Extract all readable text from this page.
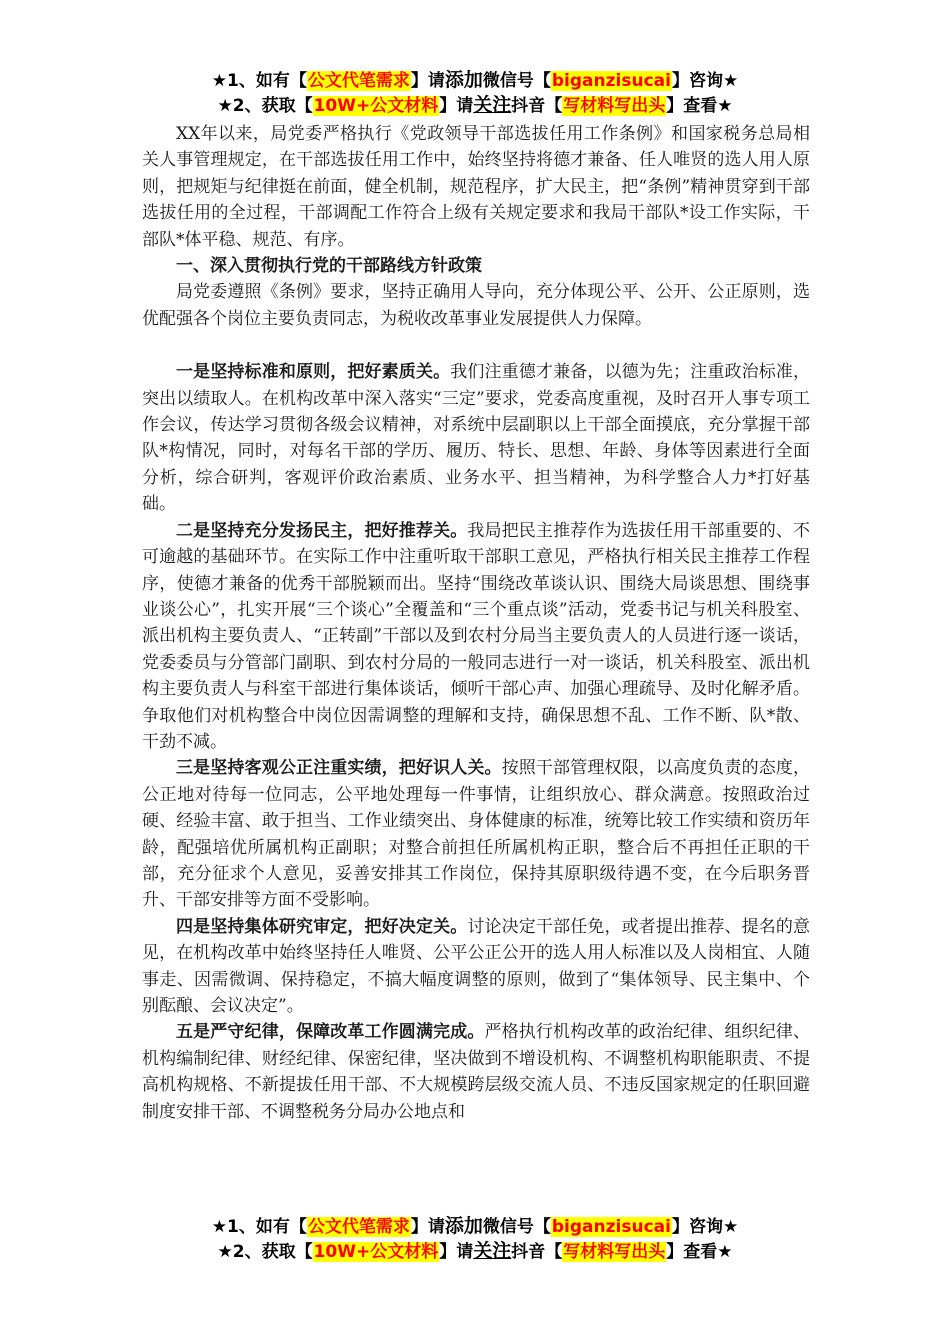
★1、如有【公文代笔需求】请添加微信号【biganzisucai】咨询★
★2、获取【10W+公文材料】请关注抖音【写材料写出头】查看★

XX年以来，局党委严格执行《党政领导干部选拔任用工作条例》和国家税务总局相关人事管理规定，在干部选拔任用工作中，始终坚持将德才兼备、任人唯贤的选人用人原则，把规矩与纪律挺在前面，健全机制，规范程序，扩大民主，把“条例”精神贯穿到干部选拔任用的全过程，干部调配工作符合上级有关规定要求和我局干部队*设工作实际，干部队*体平稳、规范、有序。

一、深入贯彻执行党的干部路线方针政策

局党委遵照《条例》要求，坚持正确用人导向，充分体现公平、公开、公正原则，选优配强各个岗位主要负责同志，为税收改革事业发展提供人力保障。

一是坚持标准和原则，把好素质关。我们注重德才兼备，以德为先；注重政治标准，突出以绩取人。在机构改革中深入落实“三定”要求，党委高度重视，及时召开人事专项工作会议，传达学习贯彻各级会议精神，对系统中层副职以上干部全面摸底，充分掌握干部队*构情况，同时，对每名干部的学历、履历、特长、思想、年龄、身体等因素进行全面分析，综合研判，客观评价政治素质、业务水平、担当精神，为科学整合人力*打好基础。

二是坚持充分发扬民主，把好推荐关。我局把民主推荐作为选拔任用干部重要的、不可逾越的基础环节。在实际工作中注重听取干部职工意见，严格执行相关民主推荐工作程序，使德才兼备的优秀干部脱颖而出。坚持“围绕改革谈认识、围绕大局谈思想、围绕事业谈公心”，扎实开展“三个谈心”全覆盖和“三个重点谈”活动，党委书记与机关科股室、派出机构主要负责人、“正转副”干部以及到农村分局当主要负责人的人员进行逐一谈话，党委委员与分管部门副职、到农村分局的一般同志进行一对一谈话，机关科股室、派出机构主要负责人与科室干部进行集体谈话，倾听干部心声、加强心理疏导、及时化解矛盾。争取他们对机构整合中岗位因需调整的理解和支持，确保思想不乱、工作不断、队*散、干劲不减。

三是坚持客观公正注重实绩，把好识人关。按照干部管理权限，以高度负责的态度，公正地对待每一位同志，公平地处理每一件事情，让组织放心、群众满意。按照政治过硬、经验丰富、敢于担当、工作业绩突出、身体健康的标准，统筹比较工作实绩和资历年龄，配强培优所属机构正副职；对整合前担任所属机构正职，整合后不再担任正职的干部，充分征求个人意见，妥善安排其工作岗位，保持其原职级待遇不变，在今后职务晋升、干部安排等方面不受影响。

四是坚持集体研究审定，把好决定关。讨论决定干部任免，或者提出推荐、提名的意见，在机构改革中始终坚持任人唯贤、公平公正公开的选人用人标准以及人岗相宜、人随事走、因需微调、保持稳定，不搞大幅度调整的原则，做到了“集体领导、民主集中、个别酝酿、会议决定”。

五是严守纪律，保障改革工作圆满完成。严格执行机构改革的政治纪律、组织纪律、机构编制纪律、财经纪律、保密纪律，坚决做到不增设机构、不调整机构职能职责、不提高机构规格、不新提拔任用干部、不大规模跨层级交流人员、不违反国家规定的任职回避制度安排干部、不调整税务分局办公地点和

★1、如有【公文代笔需求】请添加微信号【biganzisucai】咨询★
★2、获取【10W+公文材料】请关注抖音【写材料写出头】查看★
